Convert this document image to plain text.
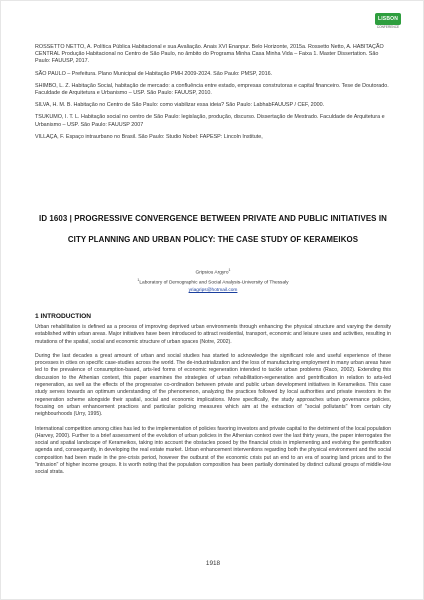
LISBON
CONFERENCE
ROSSETTO NETTO, A. Política Pública Habitacional e sua Avaliação. Anais XVI Enanpur. Belo Horizonte, 2015a. Rossetto Netto, A. HABITAÇÃO CENTRAL Produção Habitacional no Centro de São Paulo, no âmbito do Programa Minha Casa Minha Vida – Faixa 1. Master Dissertation. São Paulo: FAUUSP, 2017.
SÃO PAULO – Prefeitura. Plano Municipal de Habitação PMH 2009-2024. São Paulo: PMSP, 2016.
SHIMBO, L. Z. Habitação Social, habitação de mercado: a confluência entre estado, empresas construtoras e capital financeiro. Tese de Doutorado. Faculdade de Arquitetura e Urbanismo – USP. São Paulo: FAUUSP, 2010.
SILVA, H. M. B. Habitação no Centro de São Paulo: como viabilizar essa ideia? São Paulo: LabhabFAUUSP / CEF, 2000.
TSUKUMO, I. T. L. Habitação social no centro de São Paulo: legislação, produção, discurso. Dissertação de Mestrado. Faculdade de Arquitetura e Urbanismo – USP. São Paulo: FAUUSP 2007
VILLAÇA, F. Espaço intraurbano no Brasil. São Paulo: Studio Nobel: FAPESP: Lincoln Institute,
ID 1603 | PROGRESSIVE CONVERGENCE BETWEEN PRIVATE AND PUBLIC INITIATIVES IN CITY PLANNING AND URBAN POLICY: THE CASE STUDY OF KERAMEIKOS
Gripsiou Argyro$^1$
$^1$Laboratory of Demographic and Social Analysis-University of Thessaly
yriagrips@hotmail.com
1 INTRODUCTION
Urban rehabilitation is defined as a process of improving deprived urban environments through enhancing the physical structure and varying the density established within urban areas. Major initiatives have been introduced to attract residential, transport, economic and leisure uses and activities, resulting in mutations of the spatial, social and economic structure of urban spaces (Notre, 2002).
During the last decades a great amount of urban and social studies has started to acknowledge the significant role and useful experience of these processes in cities on specific case-studies across the world. The de-industrialization and the loss of manufacturing employment in many urban areas have led to the prevalence of consumption-based, arts-led forms of economic regeneration intended to tackle urban problems (Raco, 2002). Extending this discussion to the Athenian context, this paper examines the strategies of urban rehabilitation-regeneration and gentrification in relation to arts-led regeneration, as well as the effects of the progressive co-ordination between private and public urban development initiatives in Kerameikos. This case study serves towards an optimum understanding of the phenomenon, analyzing the practices followed by local authorities and private investors in the regeneration scheme alongside their spatial, social and economic implications. More specifically, the study approaches urban governance policies, focusing on urban enhancement practices and particular policing measures which aim at the extraction of "social pollutants" from certain city neighbourhoods (Urry, 1995).
International competition among cities has led to the implementation of policies favoring investors and private capital to the detriment of the local population (Harvey, 2000). Further to a brief assessment of the evolution of urban policies in the Athenian context over the last thirty years, the paper interrogates the social and spatial landscape of Kerameikos, taking into account the obstacles posed by the financial crisis in implementing and evolving the gentrification agenda and, consequently, in developing the real estate market. Urban enhancement interventions regarding both the physical environment and the social composition had been made in the pre-crisis period, however the outburst of the economic crisis put an end to an era of soaring land prices and to the "intrusion" of higher income groups. It is worth noting that the population composition has been partially dominated by distinct cultural groups of middle-low social strata.
1918
